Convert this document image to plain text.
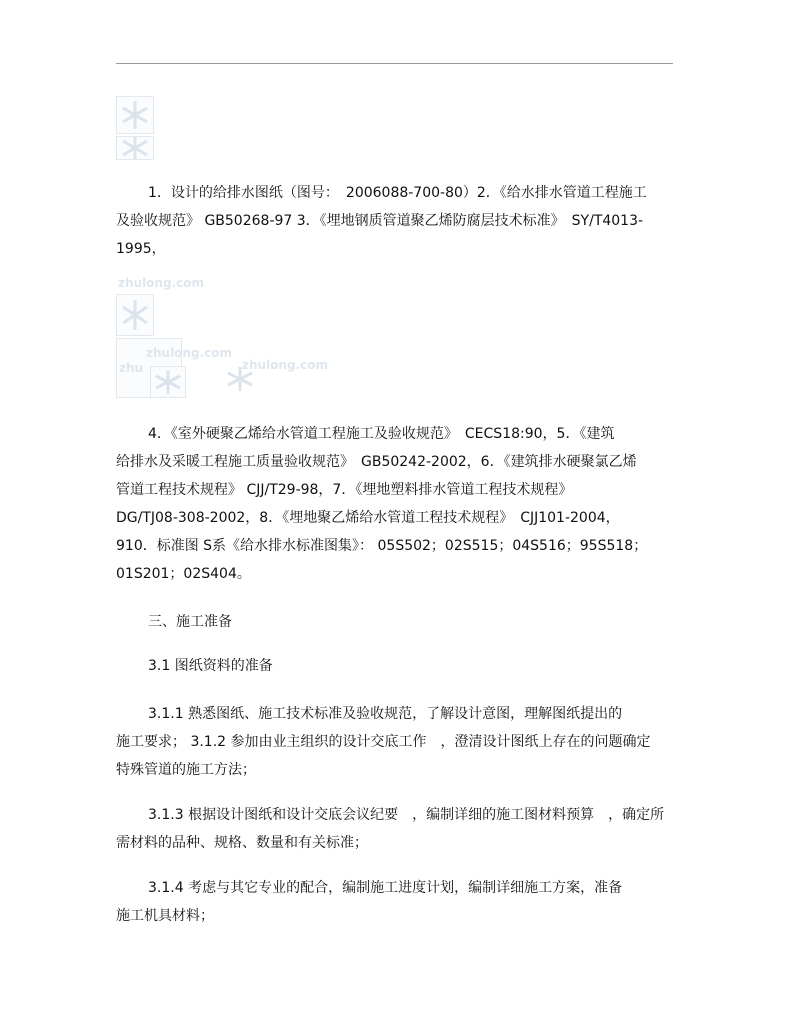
1．设计的给排水图纸（图号：　2006088-700-80）2．《给水排水管道工程施工
及验收规范》 GB50268-97 3．《埋地钢质管道聚乙烯防腐层技术标准》　SY/T4013-
1995，

zhulong.com
zhu
zhulong.com
zhulong.com

4．《室外硬聚乙烯给水管道工程施工及验收规范》　CECS18:90，5．《建筑
给排水及采暖工程施工质量验收规范》　GB50242-2002，6．《建筑排水硬聚氯乙烯
管道工程技术规程》 CJJ/T29-98，7．《埋地塑料排水管道工程技术规程》
DG/TJ08-308-2002，8．《埋地聚乙烯给水管道工程技术规程》　CJJ101-2004，
910．标准图 S系《给水排水标准图集》： 05S502；02S515；04S516；95S518；
01S201；02S404。

三、施工准备

3.1 图纸资料的准备

3.1.1 熟悉图纸、施工技术标准及验收规范，了解设计意图，理解图纸提出的
施工要求； 3.1.2 参加由业主组织的设计交底工作　，澄清设计图纸上存在的问题确定
特殊管道的施工方法；

3.1.3 根据设计图纸和设计交底会议纪要　，编制详细的施工图材料预算　，确定所
需材料的品种、规格、数量和有关标准；

3.1.4 考虑与其它专业的配合，编制施工进度计划，编制详细施工方案，准备
施工机具材料；
